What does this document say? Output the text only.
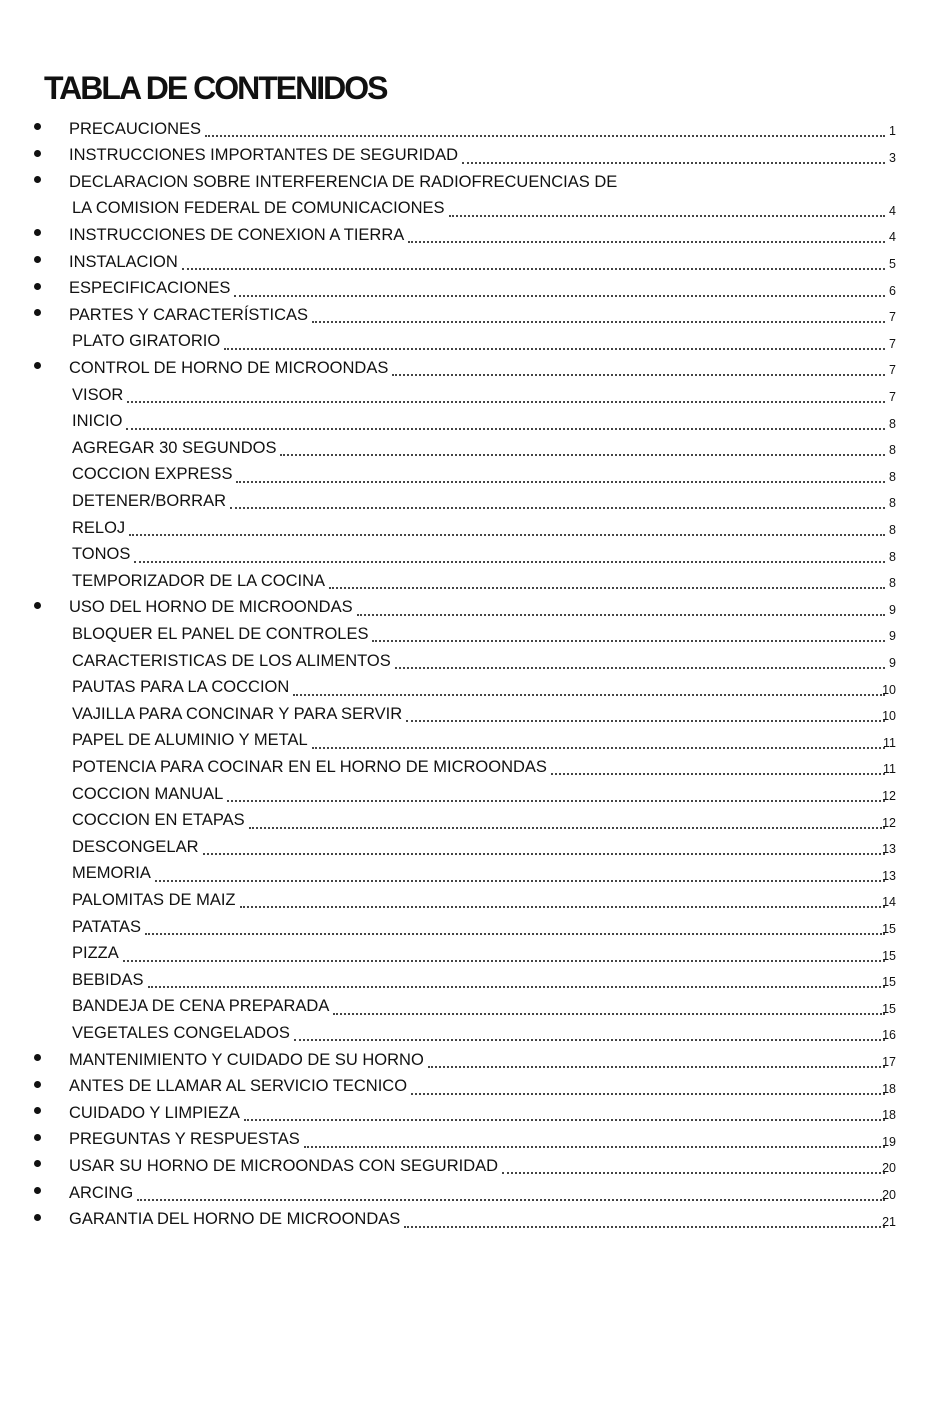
TABLA DE CONTENIDOS
PRECAUCIONES	1
INSTRUCCIONES IMPORTANTES DE SEGURIDAD	3
DECLARACION SOBRE INTERFERENCIA DE RADIOFRECUENCIAS DE
LA COMISION FEDERAL DE COMUNICACIONES	4
INSTRUCCIONES DE CONEXION A TIERRA	4
INSTALACION	5
ESPECIFICACIONES	6
PARTES Y CARACTERÍSTICAS	7
PLATO GIRATORIO	7
CONTROL DE HORNO DE MICROONDAS	7
VISOR	7
INICIO	8
AGREGAR 30 SEGUNDOS	8
COCCION EXPRESS	8
DETENER/BORRAR	8
RELOJ	8
TONOS	8
TEMPORIZADOR DE LA COCINA	8
USO DEL HORNO DE MICROONDAS	9
BLOQUER EL PANEL DE CONTROLES	9
CARACTERISTICAS DE LOS ALIMENTOS	9
PAUTAS PARA LA COCCION	10
VAJILLA PARA CONCINAR Y PARA SERVIR	10
PAPEL DE ALUMINIO Y METAL	11
POTENCIA PARA COCINAR EN EL HORNO DE MICROONDAS	11
COCCION MANUAL	12
COCCION EN ETAPAS	12
DESCONGELAR	13
MEMORIA	13
PALOMITAS DE MAIZ	14
PATATAS	15
PIZZA	15
BEBIDAS	15
BANDEJA DE CENA PREPARADA	15
VEGETALES CONGELADOS	16
MANTENIMIENTO Y CUIDADO DE SU HORNO	17
ANTES DE LLAMAR AL SERVICIO TECNICO	18
CUIDADO Y LIMPIEZA	18
PREGUNTAS Y RESPUESTAS	19
USAR SU HORNO DE MICROONDAS CON SEGURIDAD	20
ARCING	20
GARANTIA DEL HORNO DE MICROONDAS	21
